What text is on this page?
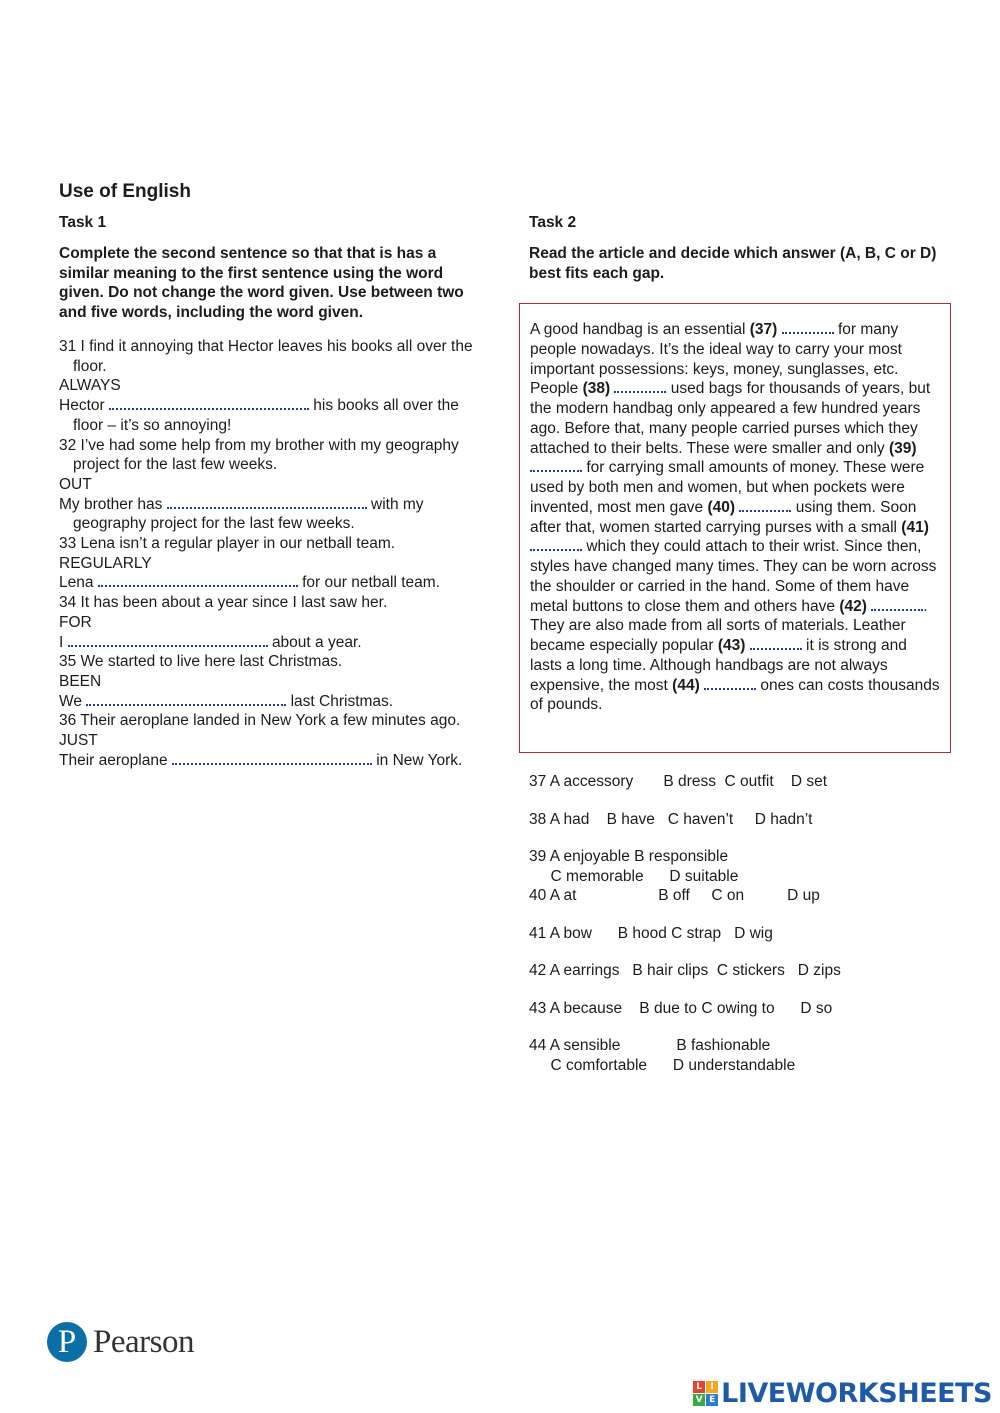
Use of English

Task 1

Complete the second sentence so that that is has a similar meaning to the first sentence using the word given. Do not change the word given. Use between two and five words, including the word given.

31 I find it annoying that Hector leaves his books all over the floor.

ALWAYS

Hector	his books all over the floor – it’s so annoying!

32 I’ve had some help from my brother with my geography project for the last few weeks.

OUT

My brother has	with my geography project for the last few weeks.

33 Lena isn’t a regular player in our netball team.

REGULARLY

Lena	for our netball team.

34 It has been about a year since I last saw her.

FOR

I	about a year.

35 We started to live here last Christmas.

BEEN

We	last Christmas.

36 Their aeroplane landed in New York a few minutes ago.

JUST

Their aeroplane	in New York.

Task 2

Read the article and decide which answer (A, B, C or D) best fits each gap.

A good handbag is an essential (37)	for many people nowadays. It’s the ideal way to carry your most important possessions: keys, money, sunglasses, etc. People (38)	used bags for thousands of years, but the modern handbag only appeared a few hundred years ago. Before that, many people carried purses which they attached to their belts. These were smaller and only (39)  for carrying small amounts of money. These were used by both men and women, but when pockets were invented, most men gave (40)	using them. Soon after that, women started carrying purses with a small (41)  which they could attach to their wrist. Since then, styles have changed many times. They can be worn across the shoulder or carried in the hand. Some of them have metal buttons to close them and others have (42)	. They are also made from all sorts of materials. Leather became especially popular (43)	it is strong and lasts a long time. Although handbags are not always expensive, the most (44)	ones can costs thousands of pounds.

37 A accessory       B dress  C outfit    D set

38 A had    B have   C haven’t     D hadn’t

39 A enjoyable B responsible
C memorable      D suitable

40 A at                   B off     C on          D up

41 A bow      B hood C strap   D wig

42 A earrings   B hair clips  C stickers   D zips

43 A because    B due to C owing to      D so

44 A sensible             B fashionable
C comfortable      D understandable

P Pearson
L I
V E LIVEWORKSHEETS
